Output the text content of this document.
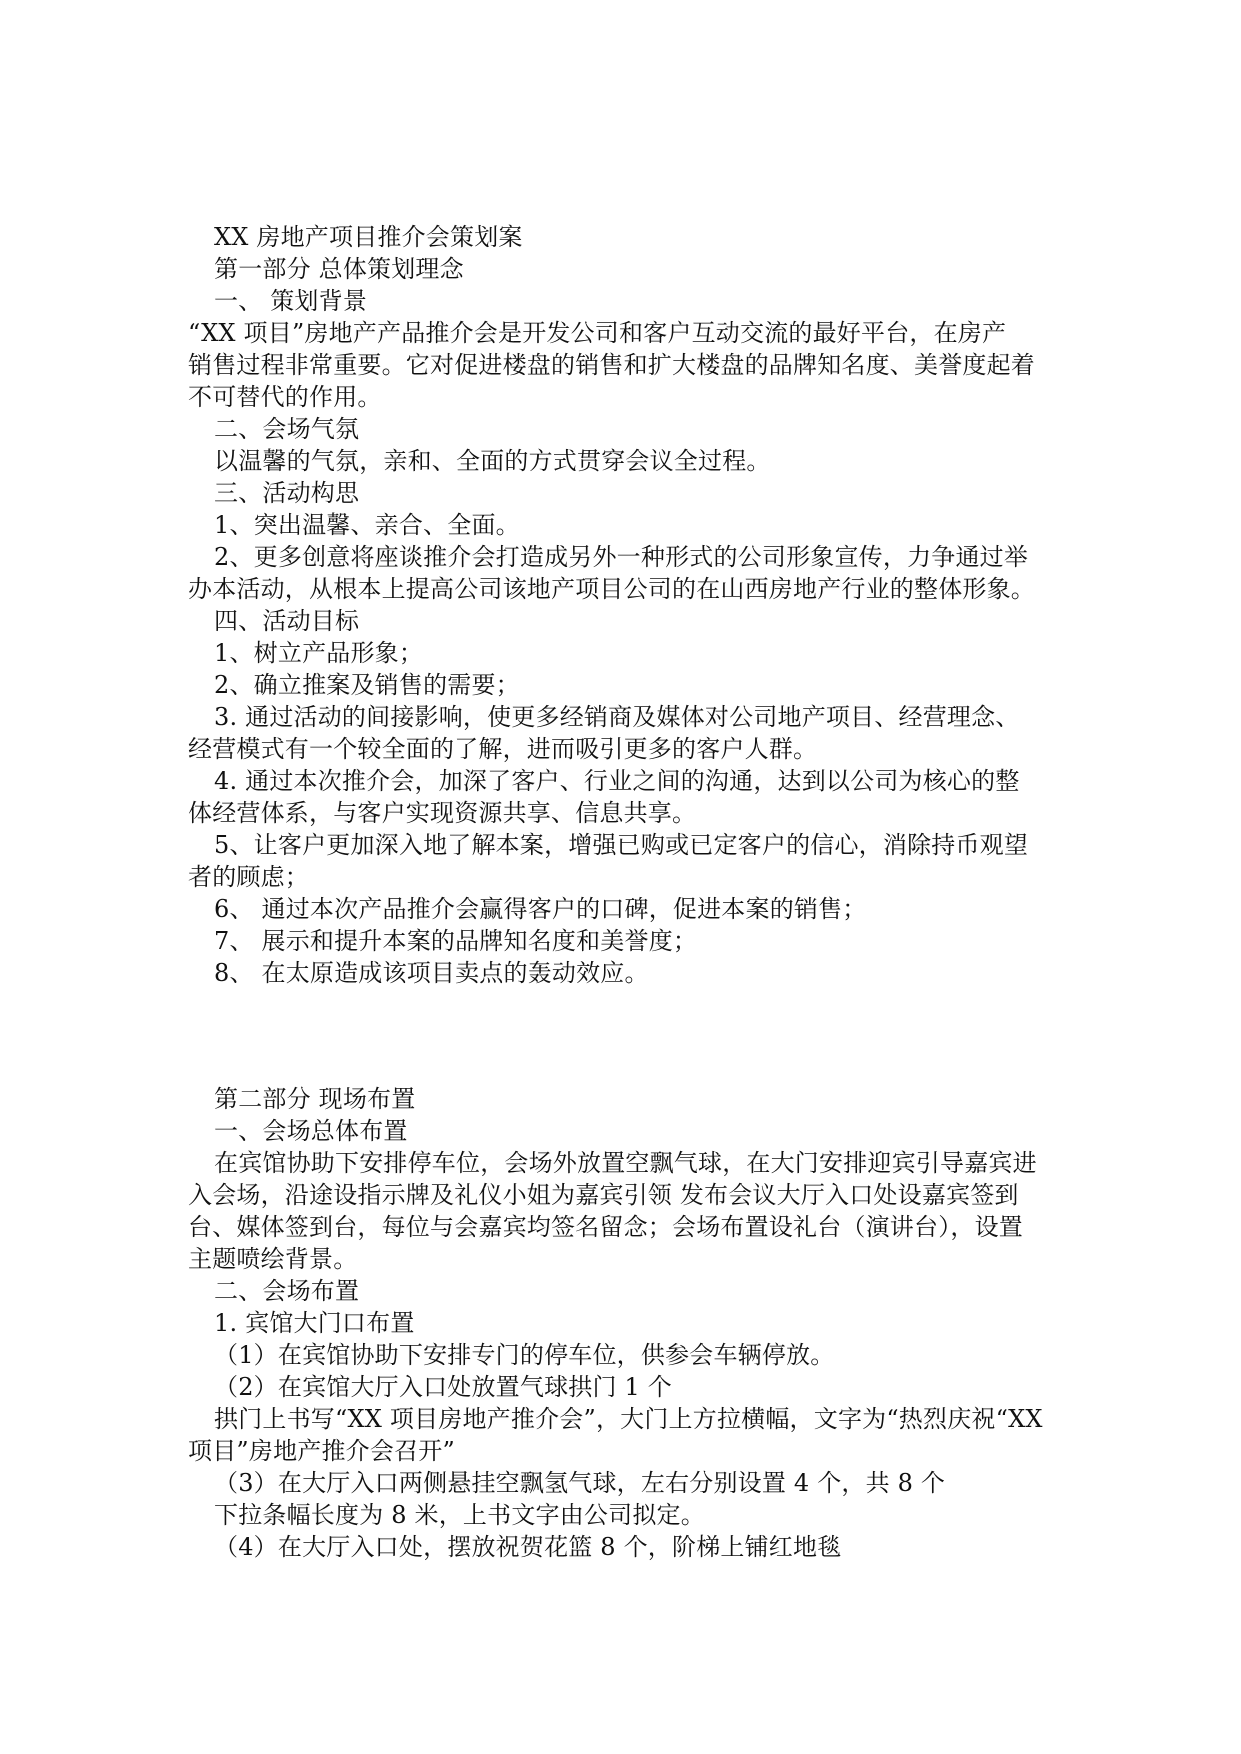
XX 房地产项目推介会策划案
第一部分 总体策划理念
一、 策划背景
“XX 项目”房地产产品推介会是开发公司和客户互动交流的最好平台，在房产
销售过程非常重要。它对促进楼盘的销售和扩大楼盘的品牌知名度、美誉度起着
不可替代的作用。
二、会场气氛
以温馨的气氛，亲和、全面的方式贯穿会议全过程。
三、活动构思
1、突出温馨、亲合、全面。
2、更多创意将座谈推介会打造成另外一种形式的公司形象宣传，力争通过举
办本活动，从根本上提高公司该地产项目公司的在山西房地产行业的整体形象。
四、活动目标
1、树立产品形象；
2、确立推案及销售的需要；
3. 通过活动的间接影响，使更多经销商及媒体对公司地产项目、经营理念、
经营模式有一个较全面的了解，进而吸引更多的客户人群。
4. 通过本次推介会，加深了客户、行业之间的沟通，达到以公司为核心的整
体经营体系，与客户实现资源共享、信息共享。
5、让客户更加深入地了解本案，增强已购或已定客户的信心，消除持币观望
者的顾虑；
6、 通过本次产品推介会赢得客户的口碑，促进本案的销售；
7、 展示和提升本案的品牌知名度和美誉度；
8、 在太原造成该项目卖点的轰动效应。
第二部分 现场布置
一、会场总体布置
在宾馆协助下安排停车位，会场外放置空飘气球，在大门安排迎宾引导嘉宾进
入会场，沿途设指示牌及礼仪小姐为嘉宾引领 发布会议大厅入口处设嘉宾签到
台、媒体签到台，每位与会嘉宾均签名留念；会场布置设礼台（演讲台），设置
主题喷绘背景。
二、会场布置
1. 宾馆大门口布置
（1）在宾馆协助下安排专门的停车位，供参会车辆停放。
（2）在宾馆大厅入口处放置气球拱门 1 个
拱门上书写“XX 项目房地产推介会”，大门上方拉横幅，文字为“热烈庆祝“XX
项目”房地产推介会召开”
（3）在大厅入口两侧悬挂空飘氢气球，左右分别设置 4 个，共 8 个
下拉条幅长度为 8 米，上书文字由公司拟定。
（4）在大厅入口处，摆放祝贺花篮 8 个，阶梯上铺红地毯
